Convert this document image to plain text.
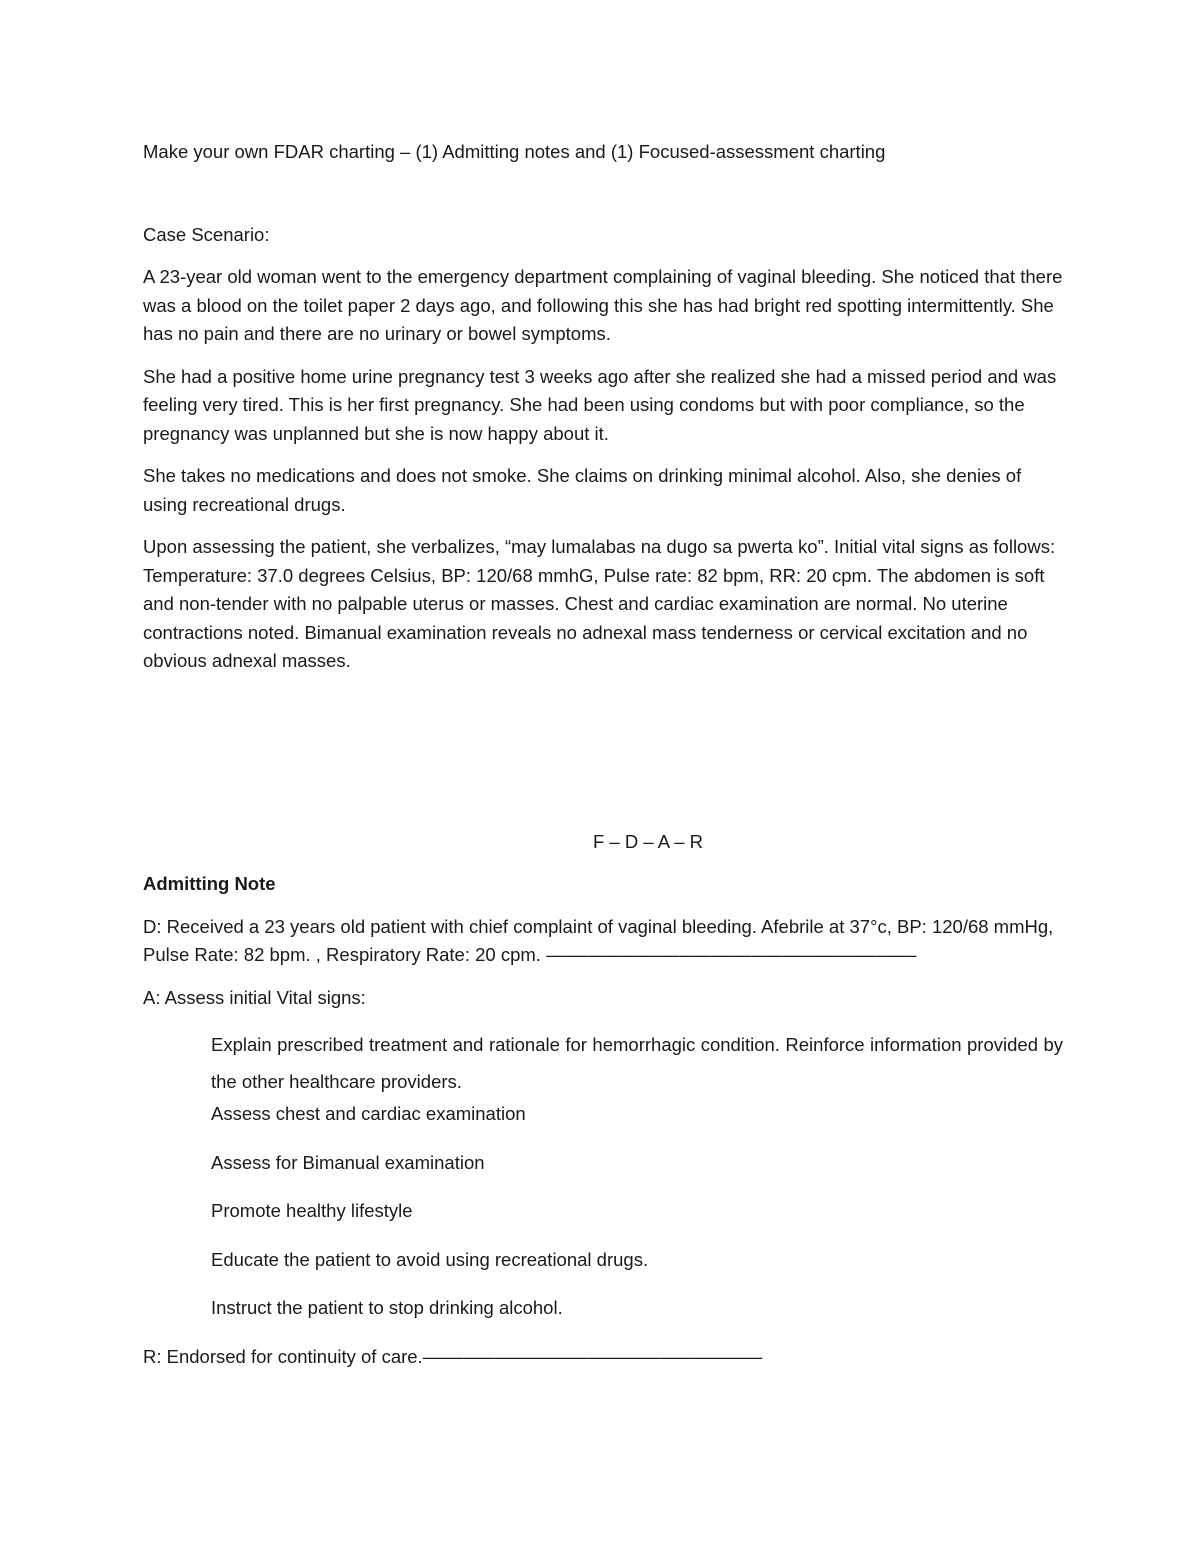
Make your own FDAR charting – (1) Admitting notes and (1) Focused-assessment charting

Case Scenario:

A 23-year old woman went to the emergency department complaining of vaginal bleeding. She noticed that there was a blood on the toilet paper 2 days ago, and following this she has had bright red spotting intermittently. She has no pain and there are no urinary or bowel symptoms.

She had a positive home urine pregnancy test 3 weeks ago after she realized she had a missed period and was feeling very tired. This is her first pregnancy. She had been using condoms but with poor compliance, so the pregnancy was unplanned but she is now happy about it.

She takes no medications and does not smoke. She claims on drinking minimal alcohol. Also, she denies of using recreational drugs.

Upon assessing the patient, she verbalizes, “may lumalabas na dugo sa pwerta ko”. Initial vital signs as follows: Temperature: 37.0 degrees Celsius, BP: 120/68 mmhG, Pulse rate: 82 bpm, RR: 20 cpm. The abdomen is soft and non-tender with no palpable uterus or masses. Chest and cardiac examination are normal. No uterine contractions noted. Bimanual examination reveals no adnexal mass tenderness or cervical excitation and no obvious adnexal masses.

F – D – A – R

Admitting Note

D: Received a 23 years old patient with chief complaint of vaginal bleeding. Afebrile at 37°c, BP: 120/68 mmHg, Pulse Rate: 82 bpm. , Respiratory Rate: 20 cpm. ––––––––––––––––––––––––––––––––––––

A: Assess initial Vital signs:

Explain prescribed treatment and rationale for hemorrhagic condition. Reinforce information provided by the other healthcare providers.
Assess chest and cardiac examination
Assess for Bimanual examination
Promote healthy lifestyle
Educate the patient to avoid using recreational drugs.
Instruct the patient to stop drinking alcohol.

R: Endorsed for continuity of care.–––––––––––––––––––––––––––––––––
